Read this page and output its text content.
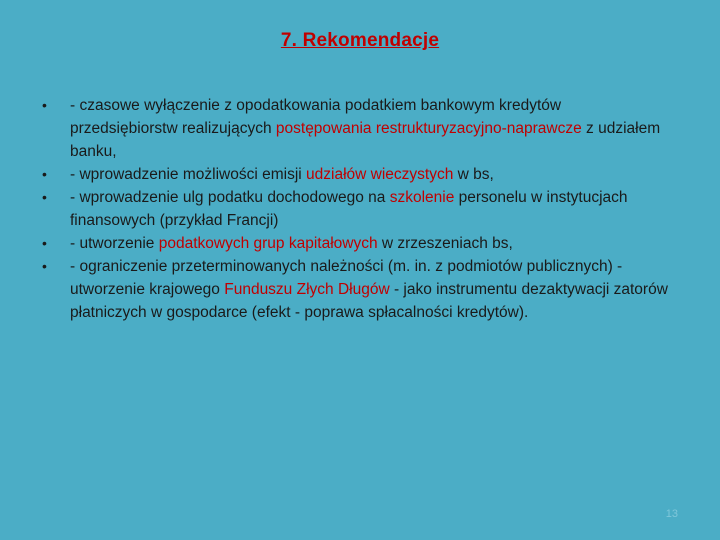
7. Rekomendacje
• - czasowe wyłączenie z opodatkowania podatkiem bankowym kredytów przedsiębiorstw realizujących postępowania restrukturyzacyjno-naprawcze z udziałem banku,
• - wprowadzenie możliwości emisji udziałów wieczystych w bs,
• - wprowadzenie ulg podatku dochodowego na szkolenie personelu w instytucjach finansowych (przykład Francji)
• - utworzenie podatkowych grup kapitałowych w zrzeszeniach bs,
• - ograniczenie przeterminowanych należności (m. in. z podmiotów publicznych) -utworzenie krajowego Funduszu Złych Długów - jako instrumentu dezaktywacji zatorów płatniczych w gospodarce (efekt - poprawa spłacalności kredytów).
13
